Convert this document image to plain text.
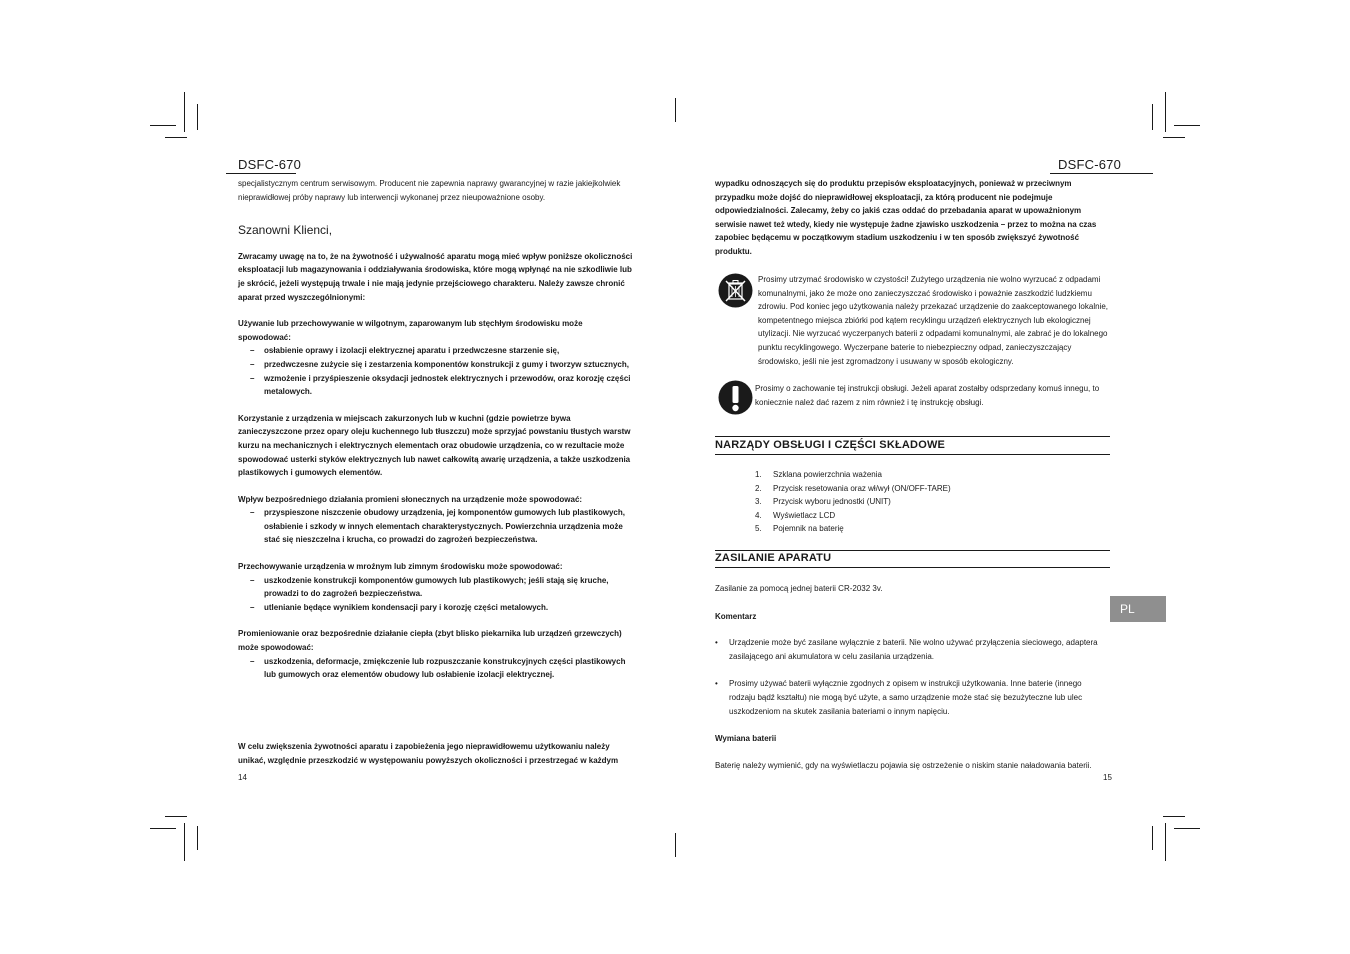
DSFC-670

specjalistycznym centrum serwisowym. Producent nie zapewnia naprawy gwarancyjnej w razie jakiejkolwiek nieprawidłowej próby naprawy lub interwencji wykonanej przez nieupoważnione osoby.

Szanowni Klienci,

Zwracamy uwagę na to, że na żywotność i używalność aparatu mogą mieć wpływ poniższe okoliczności eksploatacji lub magazynowania i oddziaływania środowiska, które mogą wpłynąć na nie szkodliwie lub je skrócić, jeżeli występują trwale i nie mają jedynie przejściowego charakteru. Należy zawsze chronić aparat przed wyszczególnionymi:

Używanie lub przechowywanie w wilgotnym, zaparowanym lub stęchłym środowisku może spowodować:

– osłabienie oprawy i izolacji elektrycznej aparatu i przedwczesne starzenie się,
– przedwczesne zużycie się i zestarzenia komponentów konstrukcji z gumy i tworzyw sztucznych,
– wzmożenie i przyśpieszenie oksydacji jednostek elektrycznych i przewodów, oraz korozję części metalowych.

Korzystanie z urządzenia w miejscach zakurzonych lub w kuchni (gdzie powietrze bywa zanieczyszczone przez opary oleju kuchennego lub tłuszczu) może sprzyjać powstaniu tłustych warstw kurzu na mechanicznych i elektrycznych elementach oraz obudowie urządzenia, co w rezultacie może spowodować usterki styków elektrycznych lub nawet całkowitą awarię urządzenia, a także uszkodzenia plastikowych i gumowych elementów.

Wpływ bezpośredniego działania promieni słonecznych na urządzenie może spowodować:

– przyspieszone niszczenie obudowy urządzenia, jej komponentów gumowych lub plastikowych, osłabienie i szkody w innych elementach charakterystycznych. Powierzchnia urządzenia może stać się nieszczelna i krucha, co prowadzi do zagrożeń bezpieczeństwa.

Przechowywanie urządzenia w mroźnym lub zimnym środowisku może spowodować:

– uszkodzenie konstrukcji komponentów gumowych lub plastikowych; jeśli stają się kruche, prowadzi to do zagrożeń bezpieczeństwa.
– utlenianie będące wynikiem kondensacji pary i korozję części metalowych.

Promieniowanie oraz bezpośrednie działanie ciepła (zbyt blisko piekarnika lub urządzeń grzewczych) może spowodować:

– uszkodzenia, deformacje, zmiękczenie lub rozpuszczanie konstrukcyjnych części plastikowych lub gumowych oraz elementów obudowy lub osłabienie izolacji elektrycznej.

W celu zwiększenia żywotności aparatu i zapobieżenia jego nieprawidłowemu użytkowaniu należy unikać, względnie przeszkodzić w występowaniu powyższych okoliczności i przestrzegać w każdym

14
DSFC-670

wypadku odnoszących się do produktu przepisów eksploatacyjnych, ponieważ w przeciwnym przypadku może dojść do nieprawidłowej eksploatacji, za którą producent nie podejmuje odpowiedzialności. Zalecamy, żeby co jakiś czas oddać do przebadania aparat w upoważnionym serwisie nawet też wtedy, kiedy nie występuje żadne zjawisko uszkodzenia – przez to można na czas zapobiec będącemu w początkowym stadium uszkodzeniu i w ten sposób zwiększyć żywotność produktu.

Prosimy utrzymać środowisko w czystości! Zużytego urządzenia nie wolno wyrzucać z odpadami komunalnymi, jako że może ono zanieczyszczać środowisko i poważnie zaszkodzić ludzkiemu zdrowiu. Pod koniec jego użytkowania należy przekazać urządzenie do zaakceptowanego lokalnie, kompetentnego miejsca zbiórki pod kątem recyklingu urządzeń elektrycznych lub ekologicznej utylizacji. Nie wyrzucać wyczerpanych baterii z odpadami komunalnymi, ale zabrać je do lokalnego punktu recyklingowego. Wyczerpane baterie to niebezpieczny odpad, zanieczyszczający środowisko, jeśli nie jest zgromadzony i usuwany w sposób ekologiczny.

Prosimy o zachowanie tej instrukcji obsługi. Jeżeli aparat zostałby odsprzedany komuś innegu, to koniecznie należ dać razem z nim również i tę instrukcję obsługi.

NARZĄDY OBSŁUGI I CZĘŚCI SKŁADOWE
1. Szklana powierzchnia ważenia
2. Przycisk resetowania oraz wł/wył (ON/OFF-TARE)
3. Przycisk wyboru jednostki (UNIT)
4. Wyświetlacz LCD
5. Pojemnik na baterię
ZASILANIE APARATU

Zasilanie za pomocą jednej baterii CR-2032 3v.

Komentarz

• Urządzenie może być zasilane wyłącznie z baterii. Nie wolno używać przyłączenia sieciowego, adaptera zasilającego ani akumulatora w celu zasilania urządzenia.
• Prosimy używać baterii wyłącznie zgodnych z opisem w instrukcji użytkowania. Inne baterie (innego rodzaju bądź kształtu) nie mogą być użyte, a samo urządzenie może stać się bezużyteczne lub ulec uszkodzeniom na skutek zasilania bateriami o innym napięciu.

Wymiana baterii

Baterię należy wymienić, gdy na wyświetlaczu pojawia się ostrzeżenie o niskim stanie naładowania baterii.

15
PL
